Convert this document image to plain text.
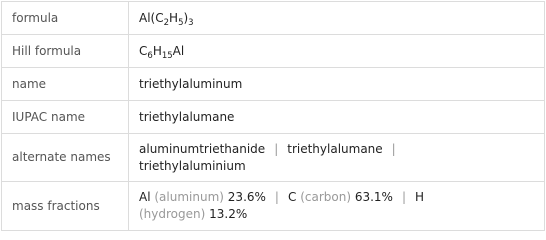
formula	$Al(C_2H_5)_3$
Hill formula	$C_6H_{15}Al$
name	triethylaluminum
IUPAC name	triethylalumane
alternate names	aluminumtriethanide | triethylalumane |
triethylaluminium
mass fractions	Al (aluminum) 23.6% | C (carbon) 63.1% | H
(hydrogen) 13.2%
